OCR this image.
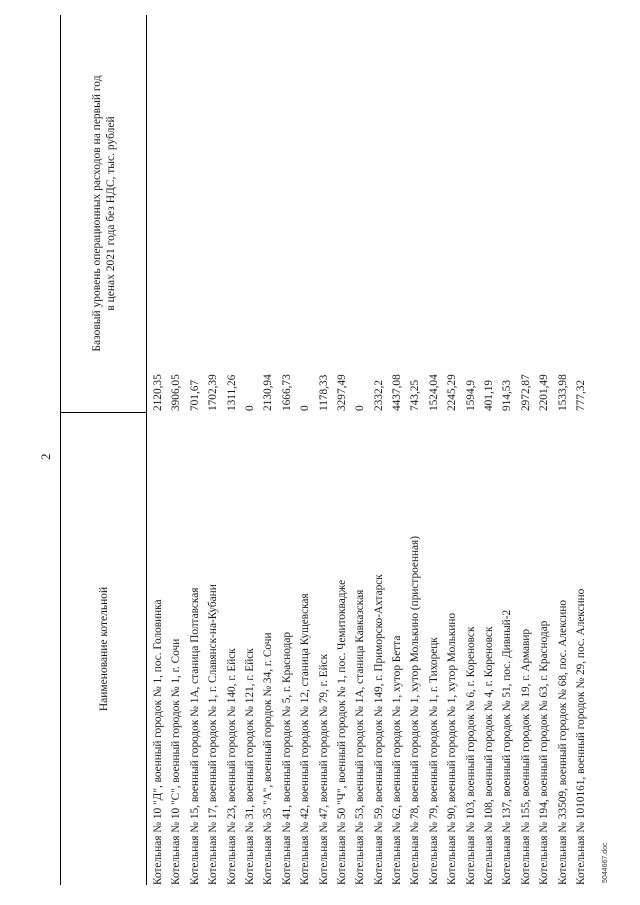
2
Наименование котельной
Базовый уровень операционных расходов на первый год в ценах 2021 года без НДС, тыс. рублей
Котельная № 10 "Д", военный городок № 1, пос. Головинка
2120,35
Котельная № 10 "С", военный городок № 1, г. Сочи
3906,05
Котельная № 15, военный городок № 1А, станица Полтавская
701,67
Котельная № 17, военный городок № 1, г. Славянск-на-Кубани
1702,39
Котельная № 23, военный городок № 140, г. Ейск
1311,26
Котельная № 31, военный городок № 121, г. Ейск
0
Котельная № 35 "А", военный городок № 34, г. Сочи
2130,94
Котельная № 41, военный городок № 5, г. Краснодар
1666,73
Котельная № 42, военный городок № 12, станица Кущевская
0
Котельная № 47, военный городок № 79, г. Ейск
1178,33
Котельная № 50 "Ч", военный городок № 1, пос. Чемитоквадже
3297,49
Котельная № 53, военный городок № 1А, станица Кавказская
0
Котельная № 59, военный городок № 149, г. Приморско-Ахтарск
2332,2
Котельная № 62, военный городок № 1, хутор Бетта
4437,08
Котельная № 78, военный городок № 1, хутор Молькино (пристроенная)
743,25
Котельная № 79, военный городок № 1, г. Тихорецк
1524,04
Котельная № 90, военный городок № 1, хутор Молькино
2245,29
Котельная № 103, военный городок № 6, г. Кореновск
1594,9
Котельная № 108, военный городок № 4, г. Кореновск
401,19
Котельная № 137, военный городок № 51, пос. Дивный-2
914,53
Котельная № 155, военный городок № 19, г. Армавир
2972,87
Котельная № 194, военный городок № 63, г. Краснодар
2201,49
Котельная № 33509, военный городок № 68, пос. Алексино
1533,98
Котельная № 1010161, военный городок № 29, пос. Алексино
777,32
5044667.doc
